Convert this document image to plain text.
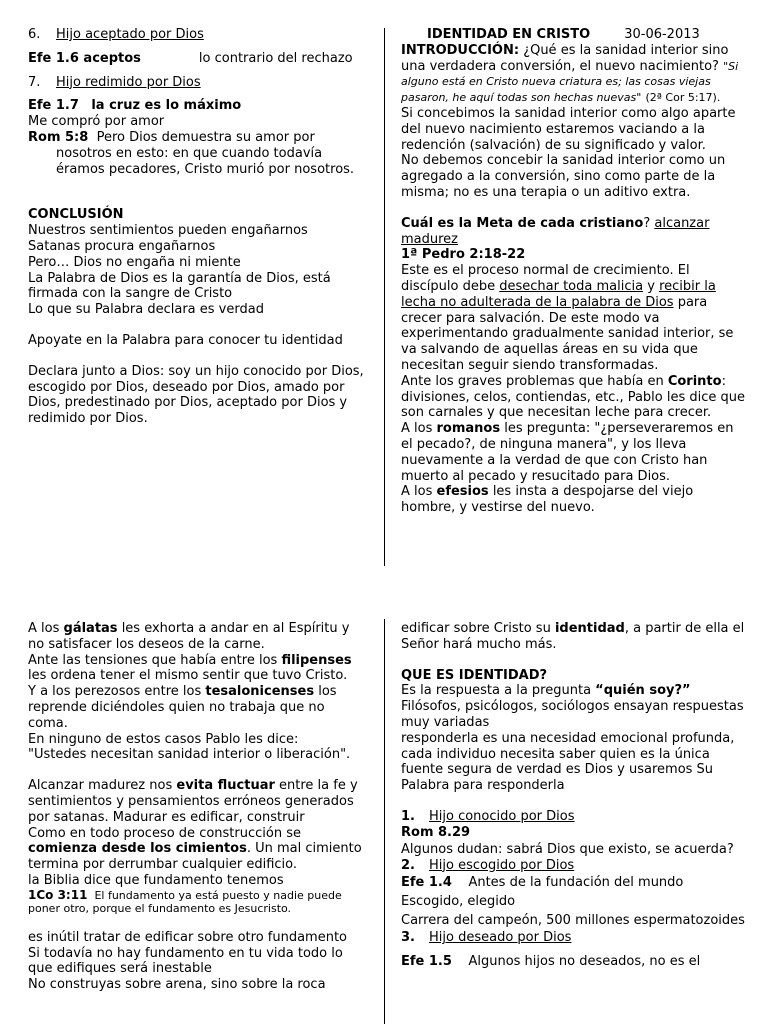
6. Hijo aceptado por Dios

Efe 1.6 aceptos	lo contrario del rechazo

7. Hijo redimido por Dios

Efe 1.7 la cruz es lo máximo

Me compró por amor

Rom 5:8 Pero Dios demuestra su amor por nosotros en esto: en que cuando todavía éramos pecadores, Cristo murió por nosotros.

CONCLUSIÓN

Nuestros sentimientos pueden engañarnos

Satanas procura engañarnos

Pero… Dios no engaña ni miente

La Palabra de Dios es la garantía de Dios, está firmada con la sangre de Cristo

Lo que su Palabra declara es verdad

Apoyate en la Palabra para conocer tu identidad

Declara junto a Dios: soy un hijo conocido por Dios, escogido por Dios, deseado por Dios, amado por Dios, predestinado por Dios, aceptado por Dios y redimido por Dios.

IDENTIDAD EN CRISTO	30-06-2013

INTRODUCCIÓN: ¿Qué es la sanidad interior sino una verdadera conversión, el nuevo nacimiento? "Si alguno está en Cristo nueva criatura es; las cosas viejas pasaron, he aquí todas son hechas nuevas" (2ª Cor 5:17).

Si concebimos la sanidad interior como algo aparte del nuevo nacimiento estaremos vaciando a la redención (salvación) de su significado y valor.

No debemos concebir la sanidad interior como un agregado a la conversión, sino como parte de la misma; no es una terapia o un aditivo extra.

Cuál es la Meta de cada cristiano? alcanzar madurez

1ª Pedro 2:18-22

Este es el proceso normal de crecimiento. El discípulo debe desechar toda malicia y recibir la lecha no adulterada de la palabra de Dios para crecer para salvación. De este modo va experimentando gradualmente sanidad interior, se va salvando de aquellas áreas en su vida que necesitan seguir siendo transformadas.

Ante los graves problemas que había en Corinto: divisiones, celos, contiendas, etc., Pablo les dice que son carnales y que necesitan leche para crecer.

A los romanos les pregunta: "¿perseveraremos en el pecado?, de ninguna manera", y los lleva nuevamente a la verdad de que con Cristo han muerto al pecado y resucitado para Dios.

A los efesios les insta a despojarse del viejo hombre, y vestirse del nuevo.

A los gálatas les exhorta a andar en al Espíritu y no satisfacer los deseos de la carne.

Ante las tensiones que había entre los filipenses les ordena tener el mismo sentir que tuvo Cristo.

Y a los perezosos entre los tesalonicenses los reprende diciéndoles quien no trabaja que no coma.

En ninguno de estos casos Pablo les dice:

"Ustedes necesitan sanidad interior o liberación".

Alcanzar madurez nos evita fluctuar entre la fe y sentimientos y pensamientos erróneos generados por satanas. Madurar es edificar, construir

Como en todo proceso de construcción se comienza desde los cimientos. Un mal cimiento termina por derrumbar cualquier edificio.

la Biblia dice que fundamento tenemos

1Co 3:11 El fundamento ya está puesto y nadie puede poner otro, porque el fundamento es Jesucristo.

es inútil tratar de edificar sobre otro fundamento

Si todavía no hay fundamento en tu vida todo lo que edifiques será inestable

No construyas sobre arena, sino sobre la roca

edificar sobre Cristo su identidad, a partir de ella el Señor hará mucho más.

QUE ES IDENTIDAD?

Es la respuesta a la pregunta “quién soy?”

Filósofos, psicólogos, sociólogos ensayan respuestas muy variadas

responderla es una necesidad emocional profunda, cada individuo necesita saber quien es la única fuente segura de verdad es Dios y usaremos Su Palabra para responderla

1. Hijo conocido por Dios

Rom 8.29

Algunos dudan: sabrá Dios que existo, se acuerda?

2. Hijo escogido por Dios

Efe 1.4 Antes de la fundación del mundo

Escogido, elegido

Carrera del campeón, 500 millones espermatozoides

3. Hijo deseado por Dios

Efe 1.5 Algunos hijos no deseados, no es el
